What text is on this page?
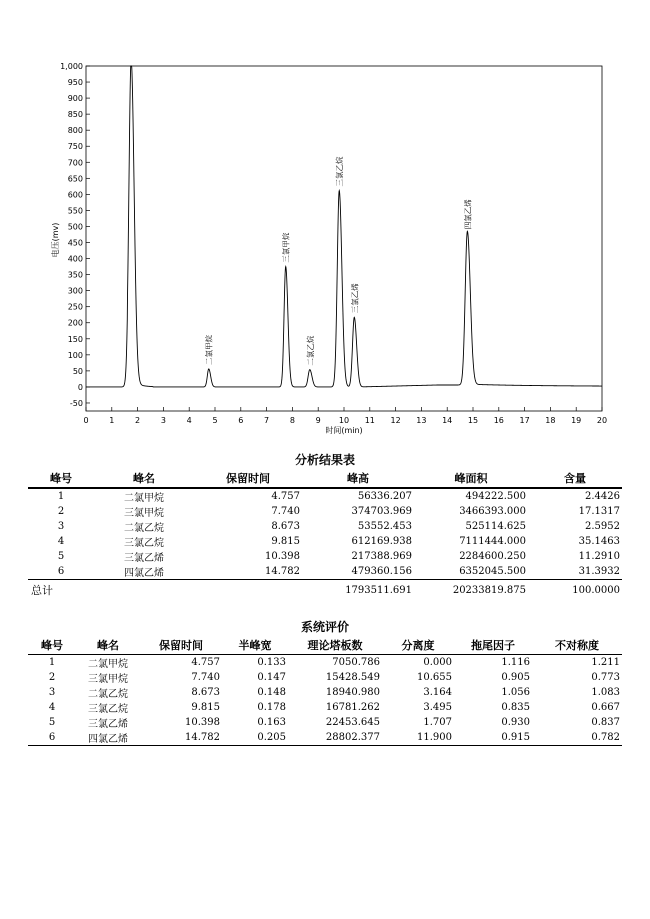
-50
0
50
100
150
200
250
300
350
400
450
500
550
600
650
700
750
800
850
900
950
1,000
0	1	2	3	4	5	6	7	8	9 10 11 12 13 14 15 16 17 18 19 20
二氯甲烷
三氯甲烷
二氯乙烷
三氯乙烷
三氯乙烯
四氯乙烯
时间(min)
电压(mv)
分析结果表
峰号	峰名	保留时间	峰高	峰面积	含量
1	二氯甲烷	4.757	56336.207	494222.500	2.4426
2	三氯甲烷	7.740	374703.969	3466393.000	17.1317
3	二氯乙烷	8.673	53552.453	525114.625	2.5952
4	三氯乙烷	9.815	612169.938	7111444.000	35.1463
5	三氯乙烯	10.398	217388.969	2284600.250	11.2910
6	四氯乙烯	14.782	479360.156	6352045.500	31.3932
总计			1793511.691	20233819.875	100.0000
系统评价
峰号	峰名	保留时间	半峰宽	理论塔板数	分离度	拖尾因子	不对称度
1	二氯甲烷	4.757	0.133	7050.786	0.000	1.116	1.211
2	三氯甲烷	7.740	0.147	15428.549	10.655	0.905	0.773
3	二氯乙烷	8.673	0.148	18940.980	3.164	1.056	1.083
4	三氯乙烷	9.815	0.178	16781.262	3.495	0.835	0.667
5	三氯乙烯	10.398	0.163	22453.645	1.707	0.930	0.837
6	四氯乙烯	14.782	0.205	28802.377	11.900	0.915	0.782
